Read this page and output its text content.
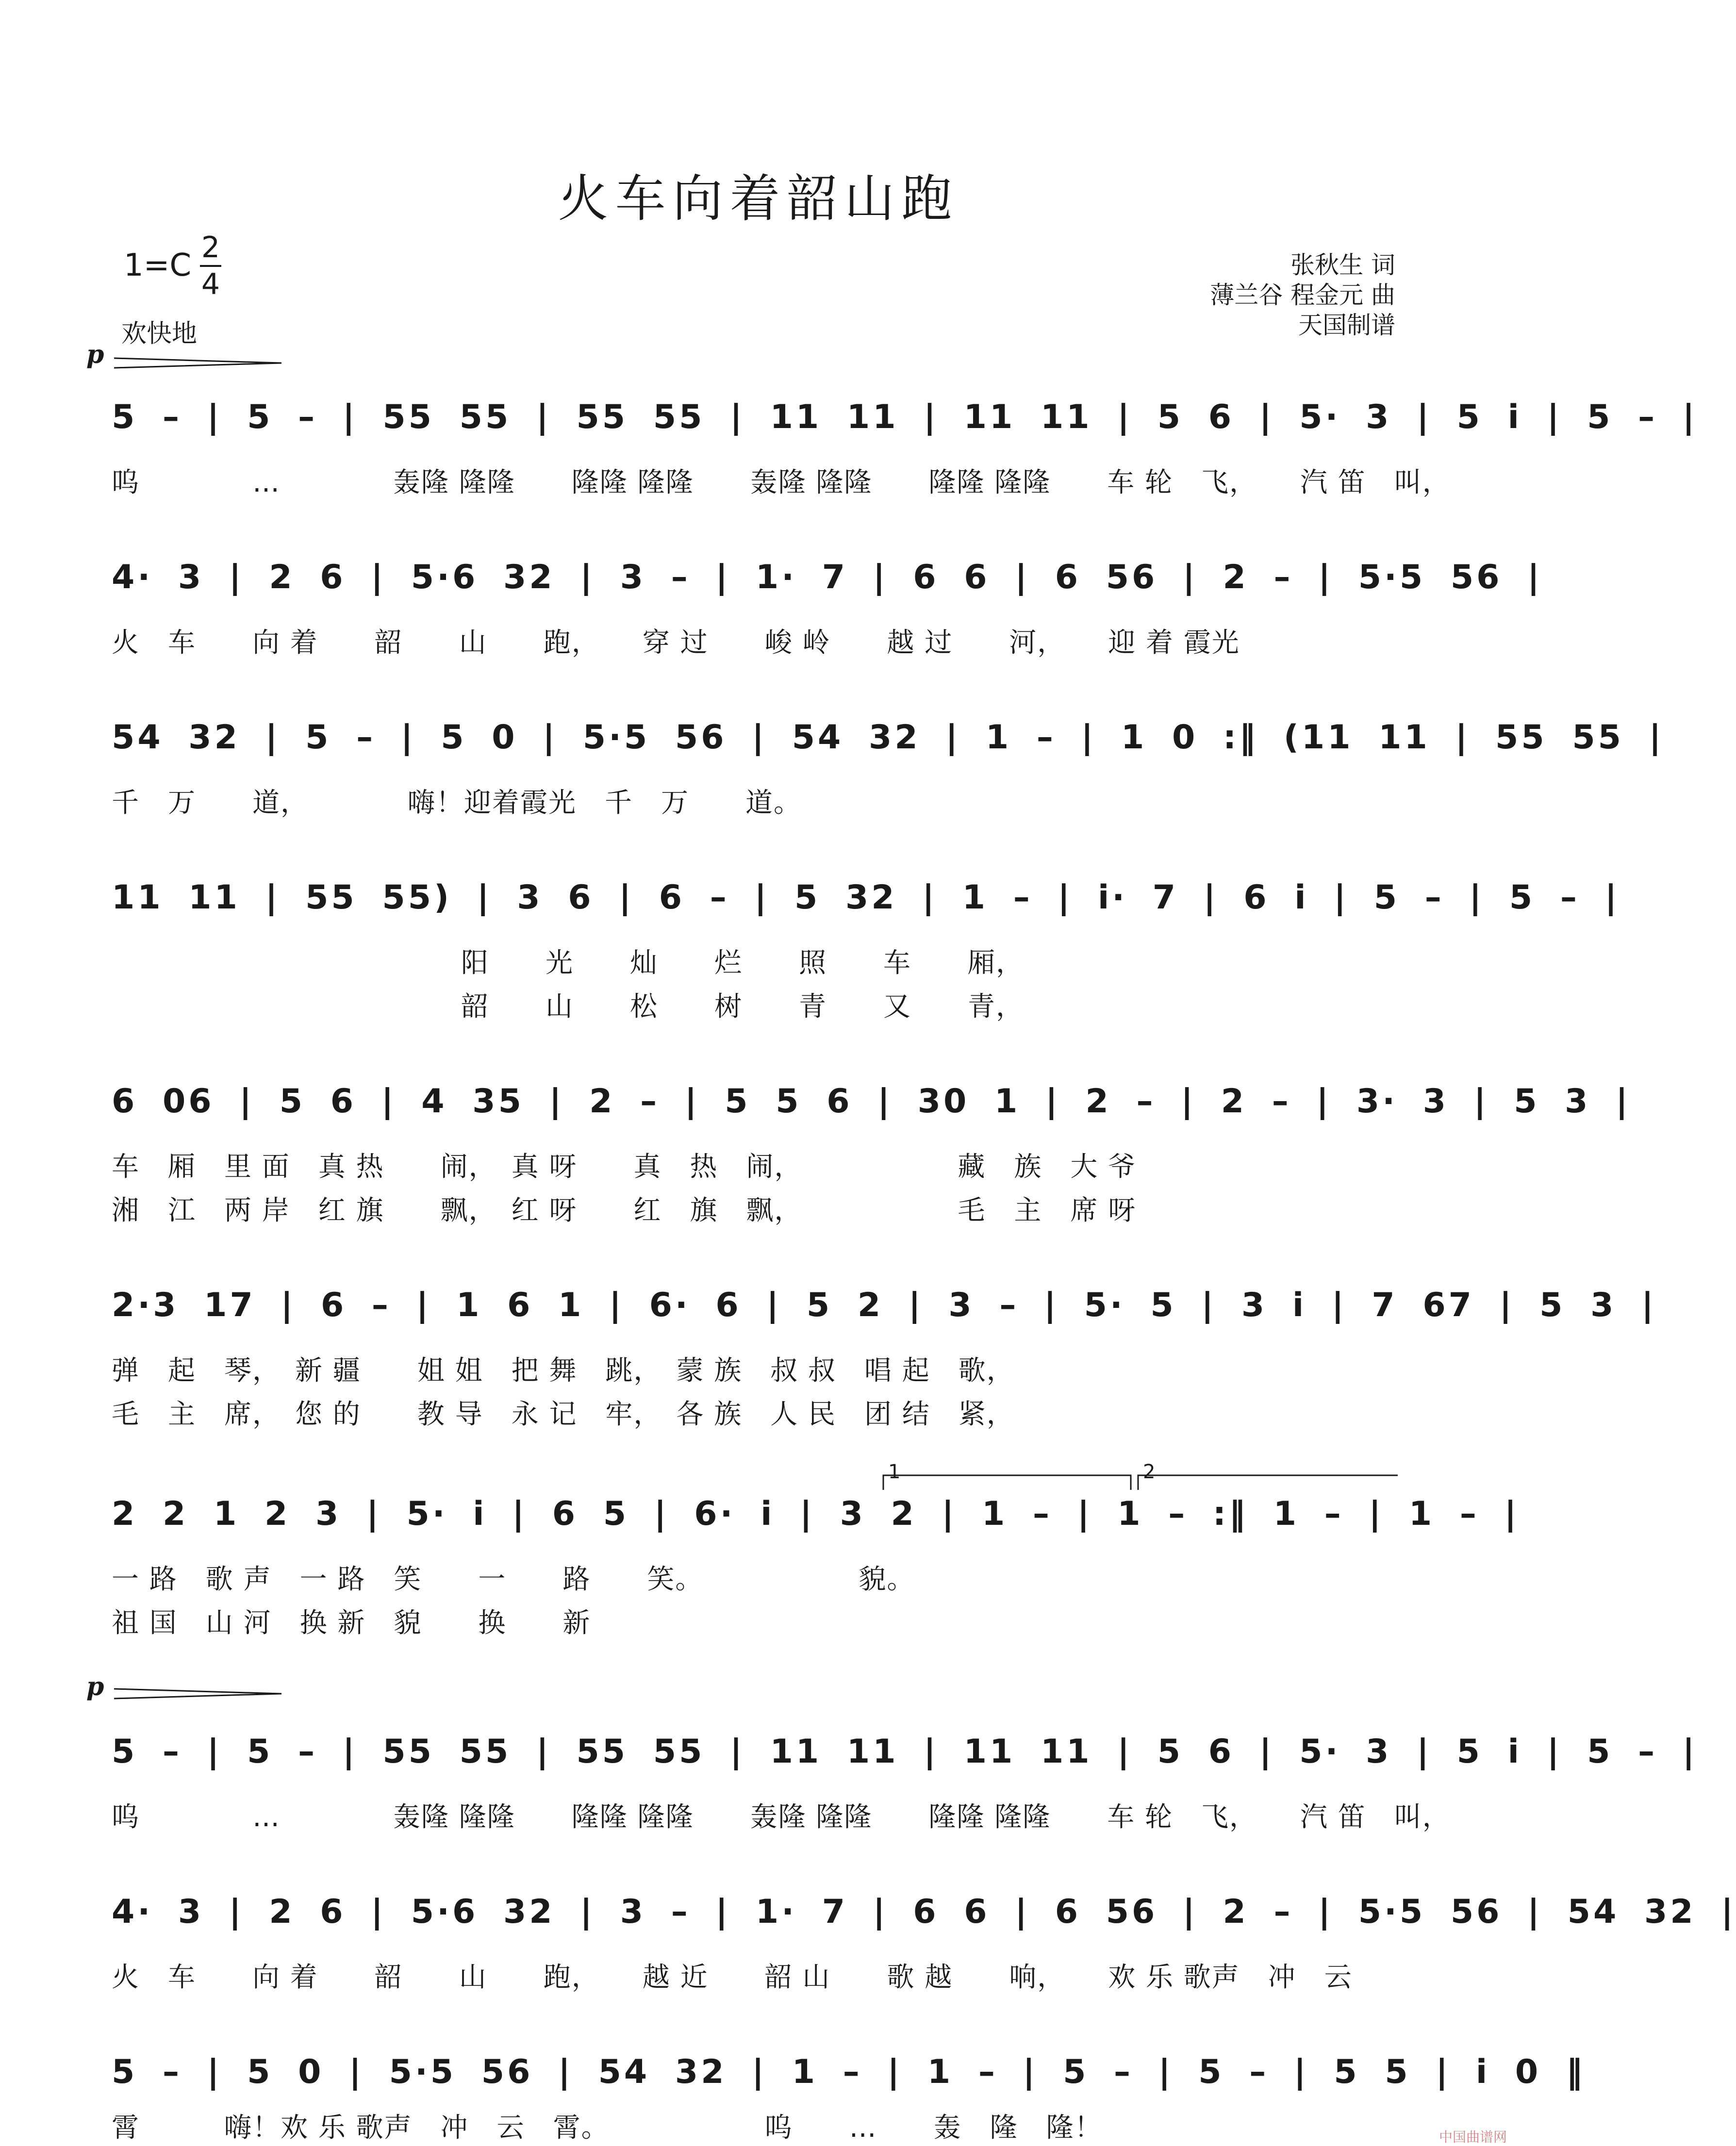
火车向着韶山跑
1=C 2
4
欢快地
张秋生 词
薄兰谷 程金元 曲
天国制谱
p
p
5 – | 5 – | 55 55 | 55 55 | 11 11 | 11 11 | 5 6 | 5· 3 | 5 i | 5 – |
呜　　　　…　　　　轰隆 隆隆　　隆隆 隆隆　　轰隆 隆隆　　隆隆 隆隆　　车 轮　飞，　　汽 笛　叫，
4· 3 | 2 6 | 5·6 32 | 3 – | 1· 7 | 6 6 | 6 56 | 2 – | 5·5 56 |
火　车　　向 着　　韶　　山　　跑，　　穿 过　　峻 岭　　越 过　　河，　　迎 着 霞光
54 32 | 5 – | 5 0 | 5·5 56 | 54 32 | 1 – | 1 0 :‖ (11 11 | 55 55 |
千　万　　道，　　　　嗨！迎着霞光　千　万　　道。
11 11 | 55 55) | 3 6 | 6 – | 5 32 | 1 – | i· 7 | 6 i | 5 – | 5 – |
阳　　光　　灿　　烂　　照　　车　　厢，
韶　　山　　松　　树　　青　　又　　青，
6 06 | 5 6 | 4 35 | 2 – | 5 5 6 | 30 1 | 2 – | 2 – | 3· 3 | 5 3 |
车　厢　里 面　真 热　　闹，　真 呀　　真　热　闹，　　　　　　藏　族　大 爷
湘　江　两 岸　红 旗　　飘，　红 呀　　红　旗　飘，　　　　　　毛　主　席 呀
2·3 17 | 6 – | 1 6 1 | 6· 6 | 5 2 | 3 – | 5· 5 | 3 i | 7 67 | 5 3 |
弹　起　琴，　新 疆　　姐 姐　把 舞　跳，　蒙 族　叔 叔　唱 起　歌，
毛　主　席，　您 的　　教 导　永 记　牢，　各 族　人 民　团 结　紧，
2 2 1 2 3 | 5· i | 6 5 | 6· i | 3 2 | 1 – | 1 – :‖ 1 – | 1 – |
1	2
一 路　歌 声　一 路　笑　　一　　路　　笑。　　　　　　貌。
祖 国　山 河　换 新　貌　　换　　新
5 – | 5 – | 55 55 | 55 55 | 11 11 | 11 11 | 5 6 | 5· 3 | 5 i | 5 – |
呜　　　　…　　　　轰隆 隆隆　　隆隆 隆隆　　轰隆 隆隆　　隆隆 隆隆　　车 轮　飞，　　汽 笛　叫，
4· 3 | 2 6 | 5·6 32 | 3 – | 1· 7 | 6 6 | 6 56 | 2 – | 5·5 56 | 54 32 |
火　车　　向 着　　韶　　山　　跑，　　越 近　　韶 山　　歌 越　　响，　　欢 乐 歌声　冲　云
5 – | 5 0 | 5·5 56 | 54 32 | 1 – | 1 – | 5 – | 5 – | 5 5 | i 0 ‖
霄　　　嗨！欢 乐 歌声　冲　云　霄。　　　　　　呜　　…　　轰　隆　隆！	中国曲谱网
